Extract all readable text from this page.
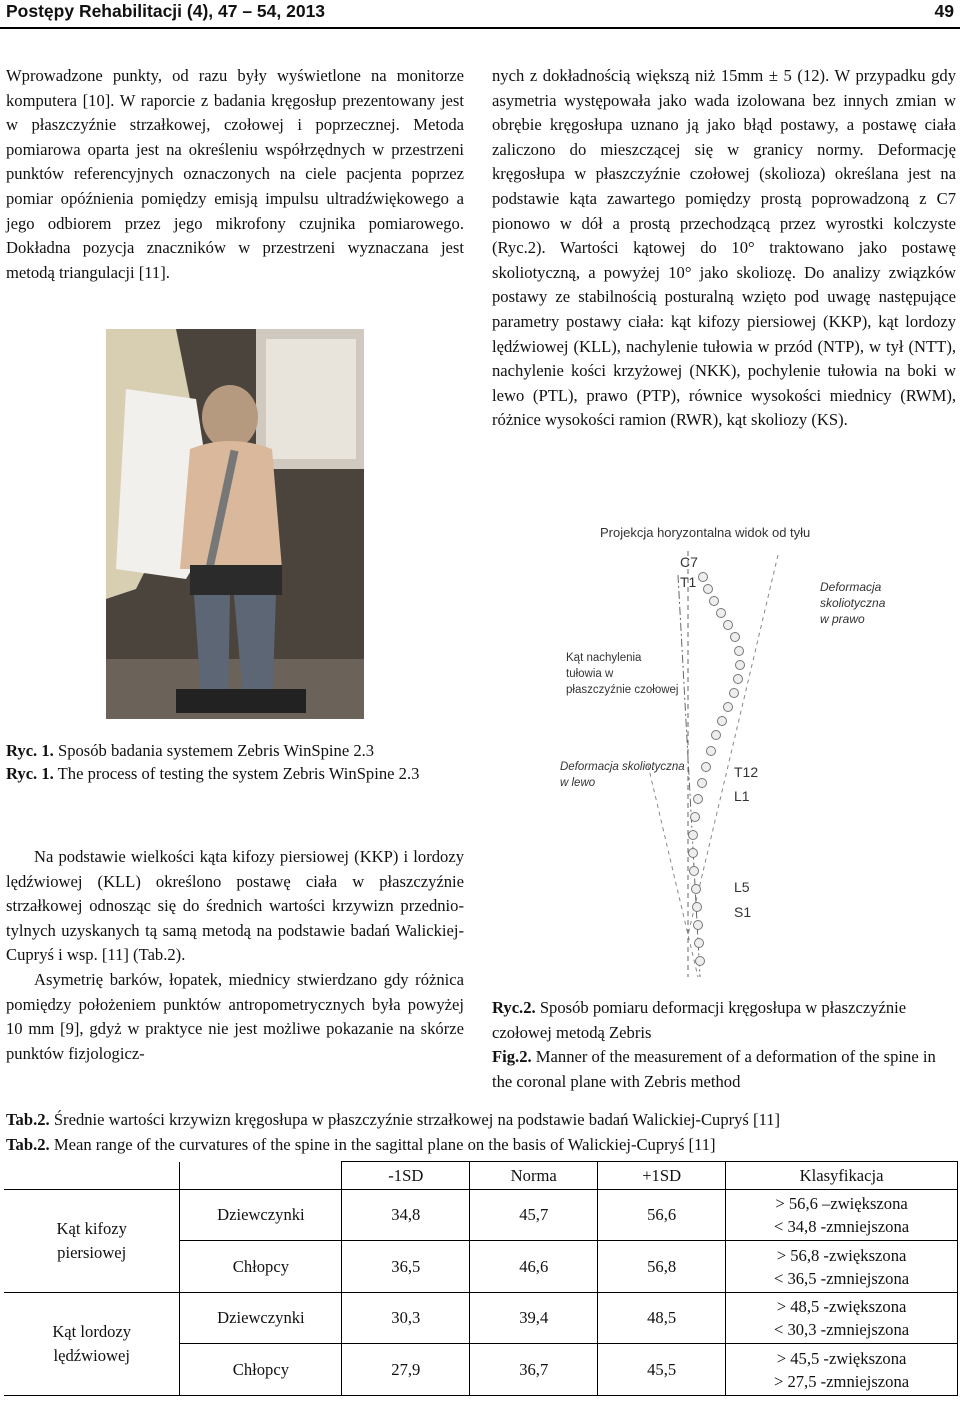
Postępy Rehabilitacji (4), 47 – 54, 2013	49

Wprowadzone punkty, od razu były wyświetlone na monitorze komputera [10]. W raporcie z badania kręgosłup prezentowany jest w płaszczyźnie strzałkowej, czołowej i poprzecznej. Metoda pomiarowa oparta jest na określeniu współrzędnych w przestrzeni punktów referencyjnych oznaczonych na ciele pacjenta poprzez pomiar opóźnienia pomiędzy emisją impulsu ultradźwiękowego a jego odbiorem przez jego mikrofony czujnika pomiarowego. Dokładna pozycja znaczników w przestrzeni wyznaczana jest metodą triangulacji [11].

Ryc. 1. Sposób badania systemem Zebris WinSpine 2.3
Ryc. 1. The process of testing the system Zebris WinSpine 2.3

Na podstawie wielkości kąta kifozy piersiowej (KKP) i lordozy lędźwiowej (KLL) określono postawę ciała w płaszczyźnie strzałkowej odnosząc się do średnich wartości krzywizn przednio-tylnych uzyskanych tą samą metodą na podstawie badań Walickiej-Cupryś i wsp. [11] (Tab.2).

Asymetrię barków, łopatek, miednicy stwierdzano gdy różnica pomiędzy położeniem punktów antropometrycznych była powyżej 10 mm [9], gdyż w praktyce nie jest możliwe pokazanie na skórze punktów fizjologicz-

nych z dokładnością większą niż 15mm ± 5 (12). W przypadku gdy asymetria występowała jako wada izolowana bez innych zmian w obrębie kręgosłupa uznano ją jako błąd postawy, a postawę ciała zaliczono do mieszczącej się w granicy normy. Deformację kręgosłupa w płaszczyźnie czołowej (skolioza) określana jest na podstawie kąta zawartego pomiędzy prostą poprowadzoną z C7 pionowo w dół a prostą przechodzącą przez wyrostki kolczyste (Ryc.2). Wartości kątowej do 10° traktowano jako postawę skoliotyczną, a powyżej 10° jako skoliozę. Do analizy związków postawy ze stabilnością posturalną wzięto pod uwagę następujące parametry postawy ciała: kąt kifozy piersiowej (KKP), kąt lordozy lędźwiowej (KLL), nachylenie tułowia w przód (NTP), w tył (NTT), nachylenie kości krzyżowej (NKK), pochylenie tułowia na boki w lewo (PTL), prawo (PTP), równice wysokości miednicy (RWM), różnice wysokości ramion (RWR), kąt skoliozy (KS).

Projekcja horyzontalna widok od tyłu
C7
T1	Deformacja
skoliotyczna
w prawo
Kąt nachylenia
tułowia w
płaszczyźnie czołowej
Deformacja skoliotyczna
w lewo
T12
L1
L5
S1
Ryc.2. Sposób pomiaru deformacji kręgosłupa w płaszczyźnie czołowej metodą Zebris
Fig.2. Manner of the measurement of a deformation of the spine in the coronal plane with Zebris method
Tab.2. Średnie wartości krzywizn kręgosłupa w płaszczyźnie strzałkowej na podstawie badań Walickiej-Cupryś [11]
Tab.2. Mean range of the curvatures of the spine in the sagittal plane on the basis of Walickiej-Cupryś [11]
		-1SD	Norma	+1SD	Klasyfikacja

Kąt kifozy piersiowej	Dziewczynki	34,8	45,7	56,6	> 56,6 –zwiększona
< 34,8 -zmniejszona

	Chłopcy	36,5	46,6	56,8	> 56,8 -zwiększona
< 36,5 -zmniejszona

Kąt lordozy lędźwiowej	Dziewczynki	30,3	39,4	48,5	> 48,5 -zwiększona
< 30,3 -zmniejszona

	Chłopcy	27,9	36,7	45,5	> 45,5 -zwiększona
> 27,5 -zmniejszona
